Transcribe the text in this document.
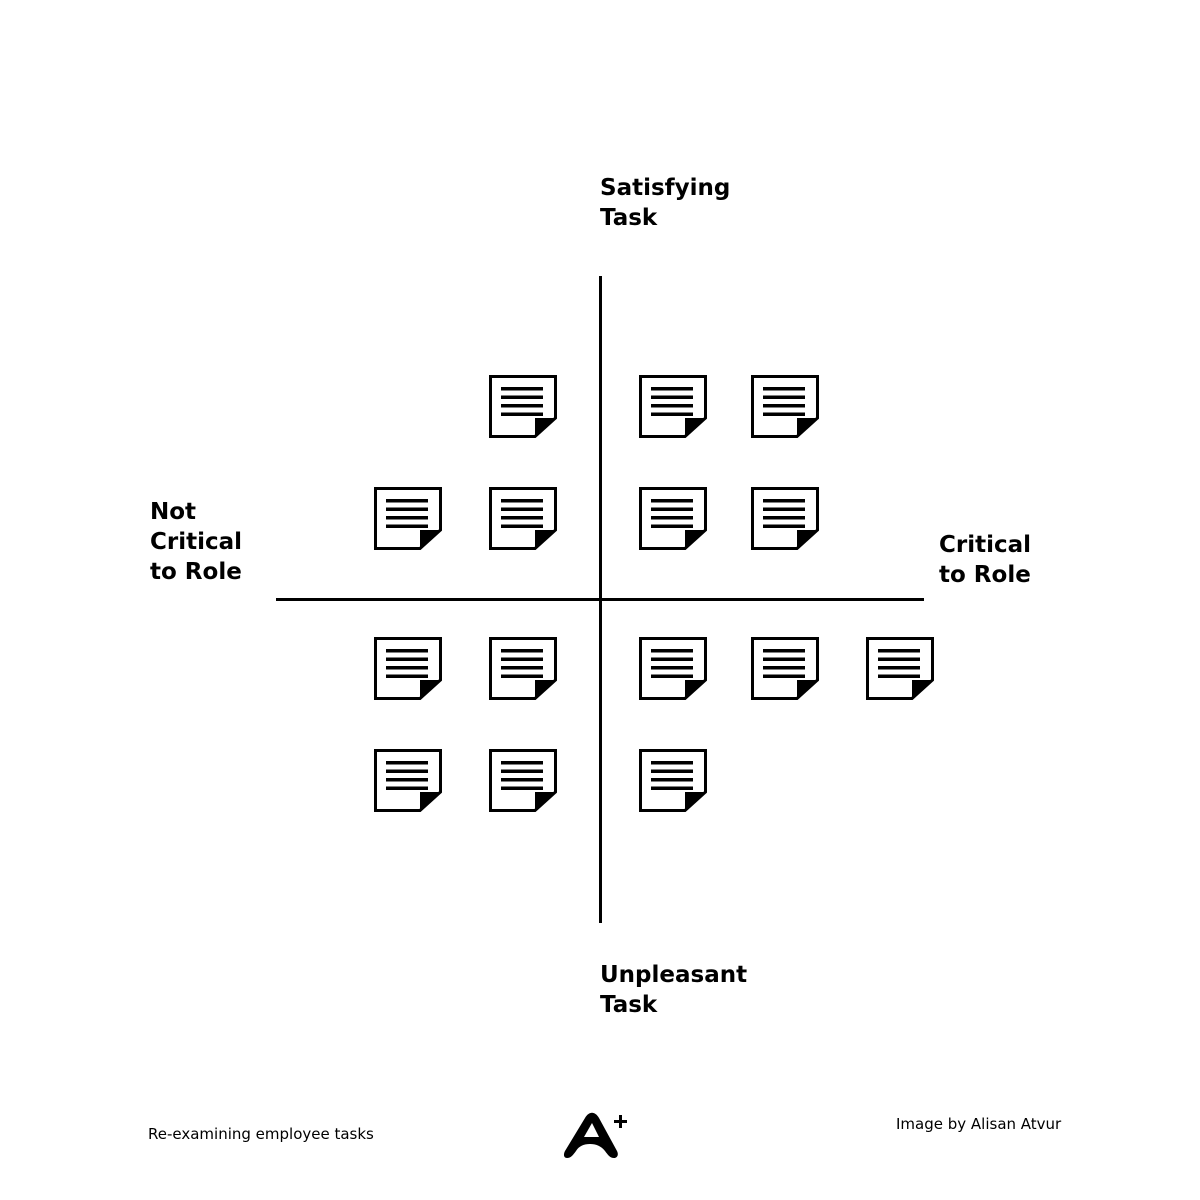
Satisfying
Task

Unpleasant
Task

Not
Critical
to Role

Critical
to Role

Re-examining employee tasks
Image by Alisan Atvur
